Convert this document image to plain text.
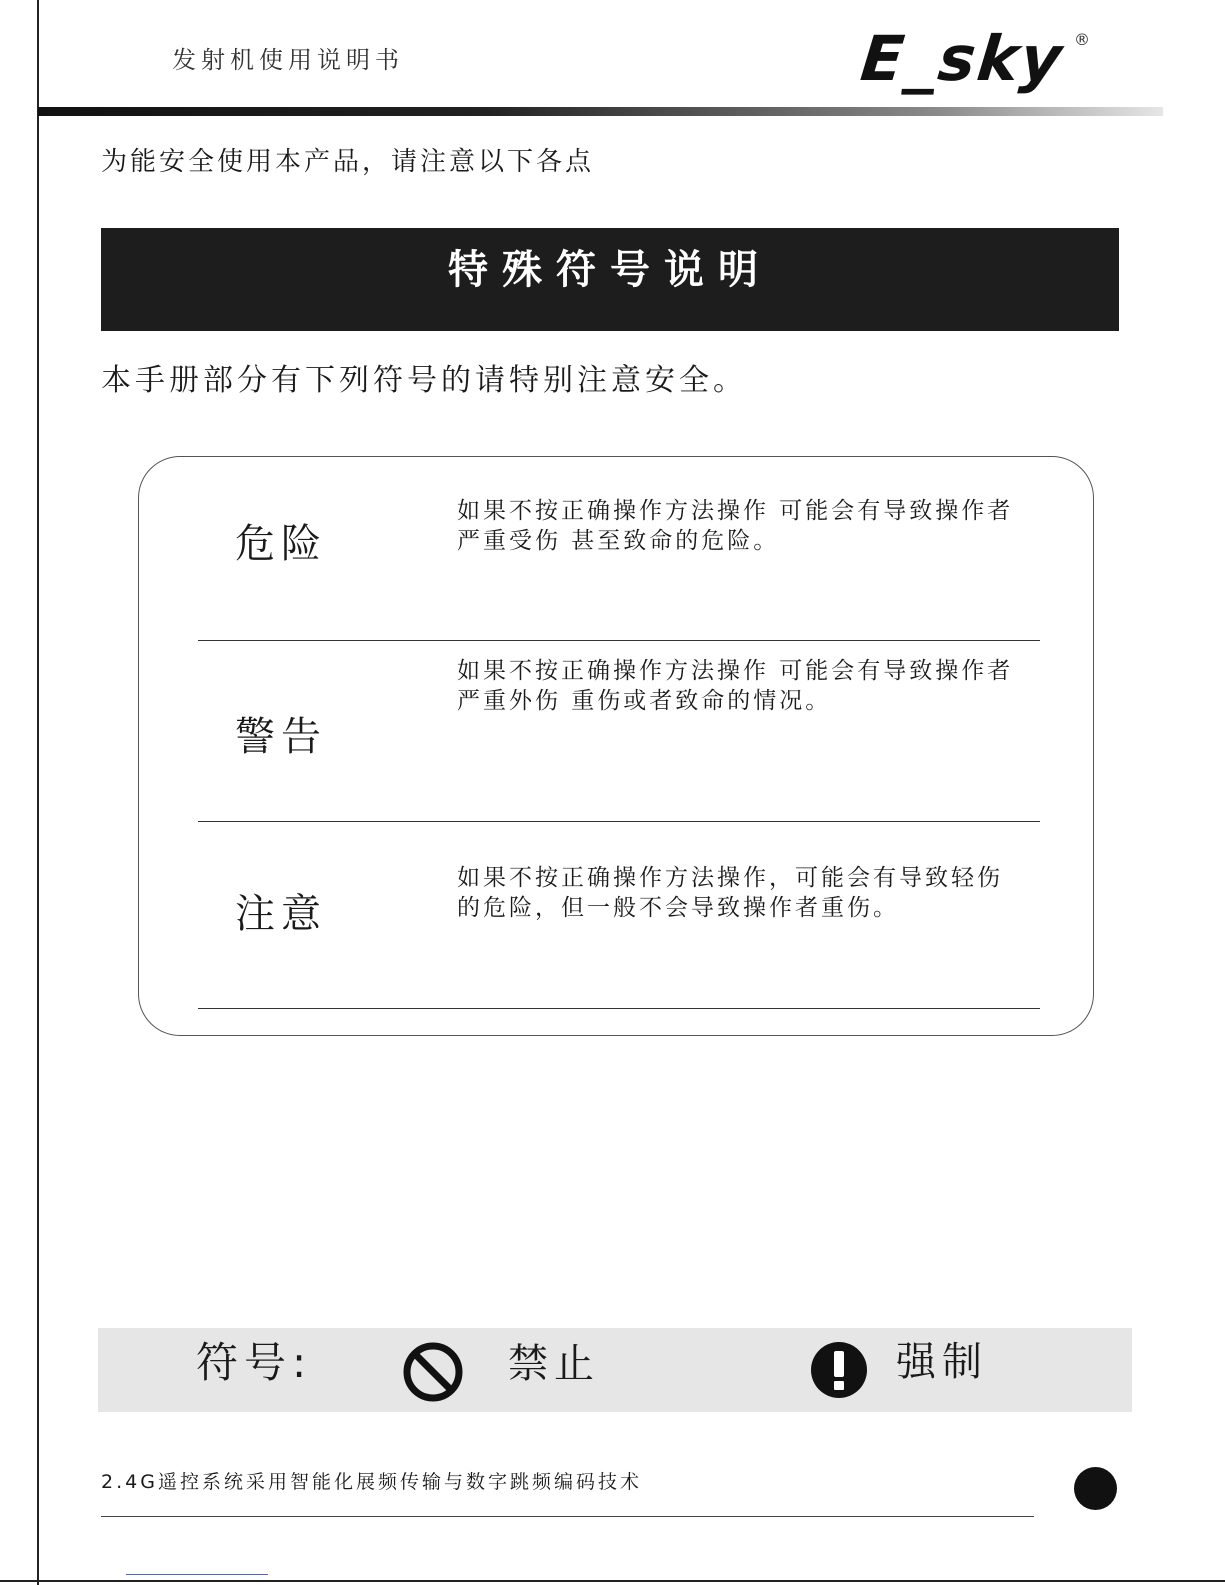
发射机使用说明书	E_sky ®
为能安全使用本产品，请注意以下各点
特殊符号说明
本手册部分有下列符号的请特别注意安全。
危险
如果不按正确操作方法操作 可能会有导致操作者
严重受伤 甚至致命的危险。
警告
如果不按正确操作方法操作 可能会有导致操作者
严重外伤 重伤或者致命的情况。
注意
如果不按正确操作方法操作，可能会有导致轻伤
的危险，但一般不会导致操作者重伤。
符号:	禁止	强制
2.4G遥控系统采用智能化展频传输与数字跳频编码技术
